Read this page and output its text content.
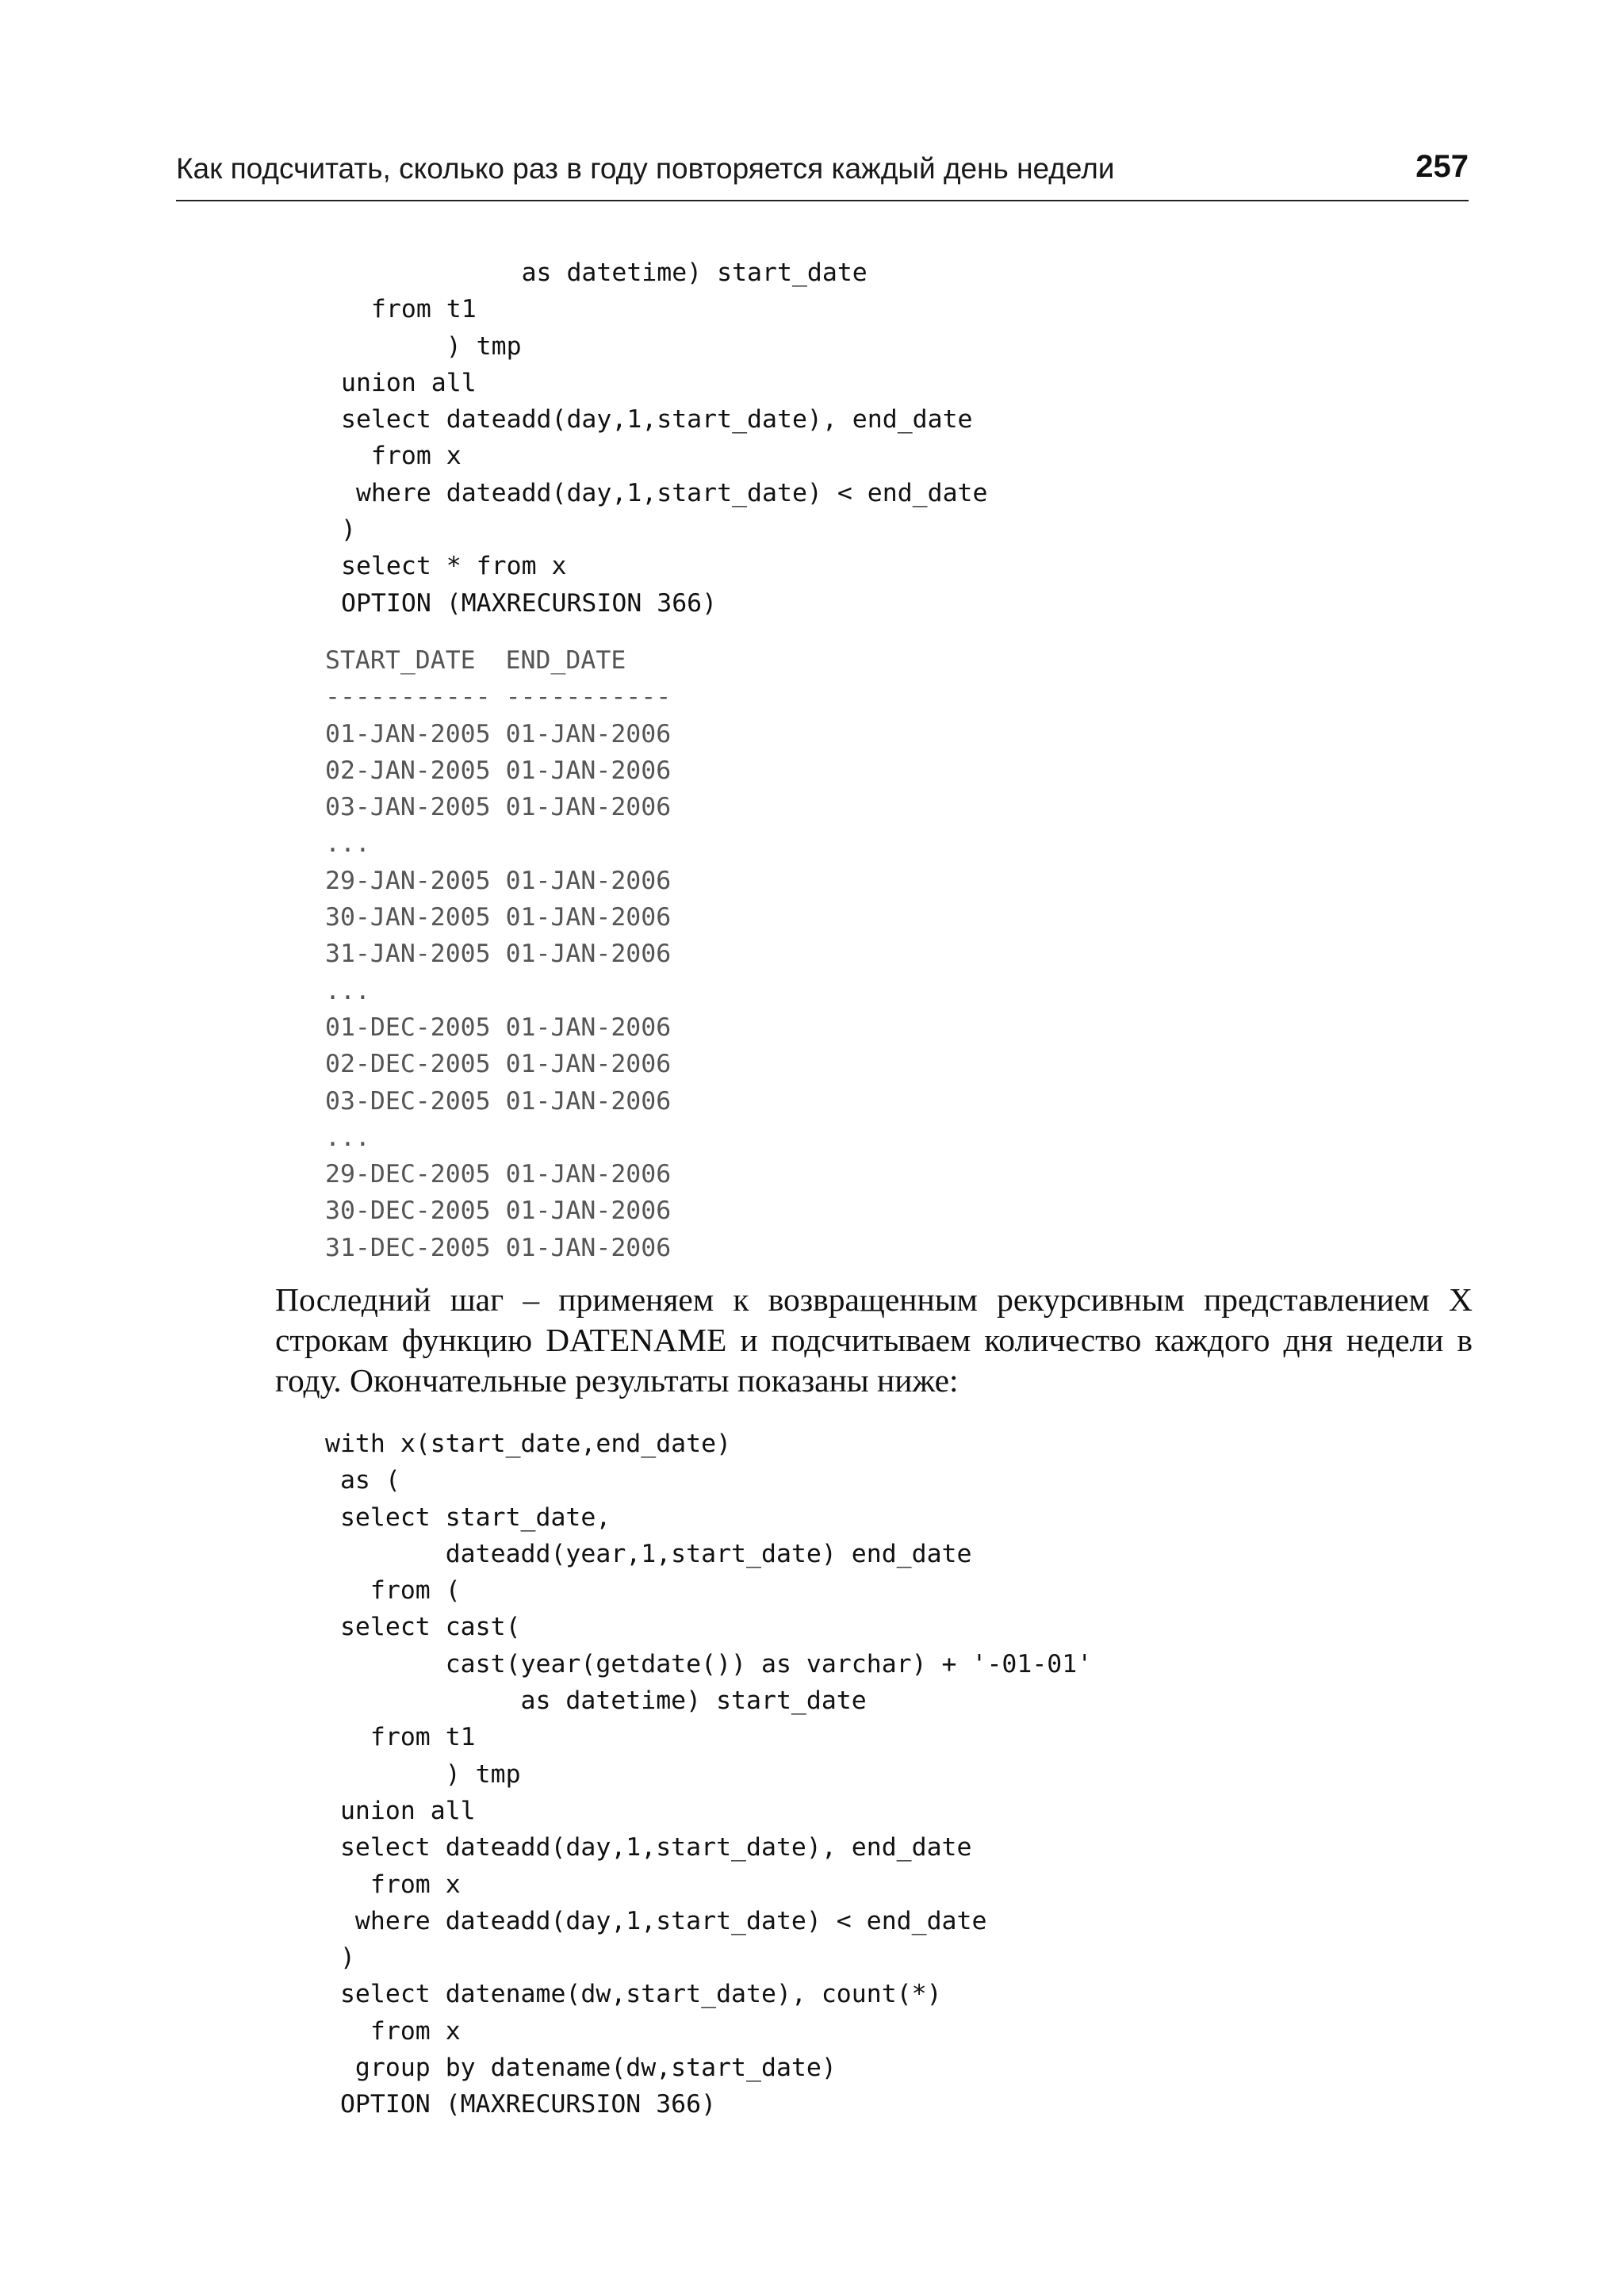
Как подсчитать, сколько раз в году повторяется каждый день недели	257
as datetime) start_date
from t1
) tmp
union all
select dateadd(day,1,start_date), end_date
from x
where dateadd(day,1,start_date) < end_date
)
select * from x
OPTION (MAXRECURSION 366)
START_DATE  END_DATE
----------- -----------
01-JAN-2005 01-JAN-2006
02-JAN-2005 01-JAN-2006
03-JAN-2005 01-JAN-2006
...
29-JAN-2005 01-JAN-2006
30-JAN-2005 01-JAN-2006
31-JAN-2005 01-JAN-2006
...
01-DEC-2005 01-JAN-2006
02-DEC-2005 01-JAN-2006
03-DEC-2005 01-JAN-2006
...
29-DEC-2005 01-JAN-2006
30-DEC-2005 01-JAN-2006
31-DEC-2005 01-JAN-2006
Последний шаг – применяем к возвращенным рекурсивным представлением X строкам функцию DATENAME и подсчитываем количество каждого дня недели в году. Окончательные результаты показаны ниже:
with x(start_date,end_date)
as (
select start_date,
dateadd(year,1,start_date) end_date
from (
select cast(
cast(year(getdate()) as varchar) + '-01-01'
as datetime) start_date
from t1
) tmp
union all
select dateadd(day,1,start_date), end_date
from x
where dateadd(day,1,start_date) < end_date
)
select datename(dw,start_date), count(*)
from x
group by datename(dw,start_date)
OPTION (MAXRECURSION 366)
